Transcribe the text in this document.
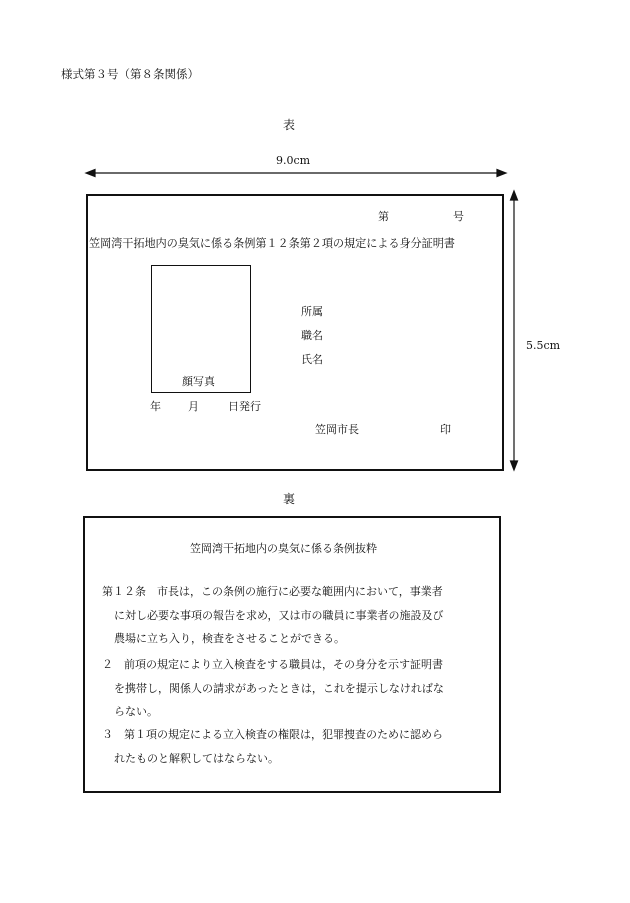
様式第３号（第８条関係）
表
9.0cm
5.5cm
第	号
笠岡湾干拓地内の臭気に係る条例第１２条第２項の規定による身分証明書
顔写真
年 月	日発行
所属
職名
氏名
笠岡市長	印
裏
笠岡湾干拓地内の臭気に係る条例抜粋
第１２条　市長は，この条例の施行に必要な範囲内において，事業者
に対し必要な事項の報告を求め，又は市の職員に事業者の施設及び
農場に立ち入り，検査をさせることができる。
２　前項の規定により立入検査をする職員は，その身分を示す証明書
を携帯し，関係人の請求があったときは，これを提示しなければな
らない。
３　第１項の規定による立入検査の権限は，犯罪捜査のために認めら
れたものと解釈してはならない。
